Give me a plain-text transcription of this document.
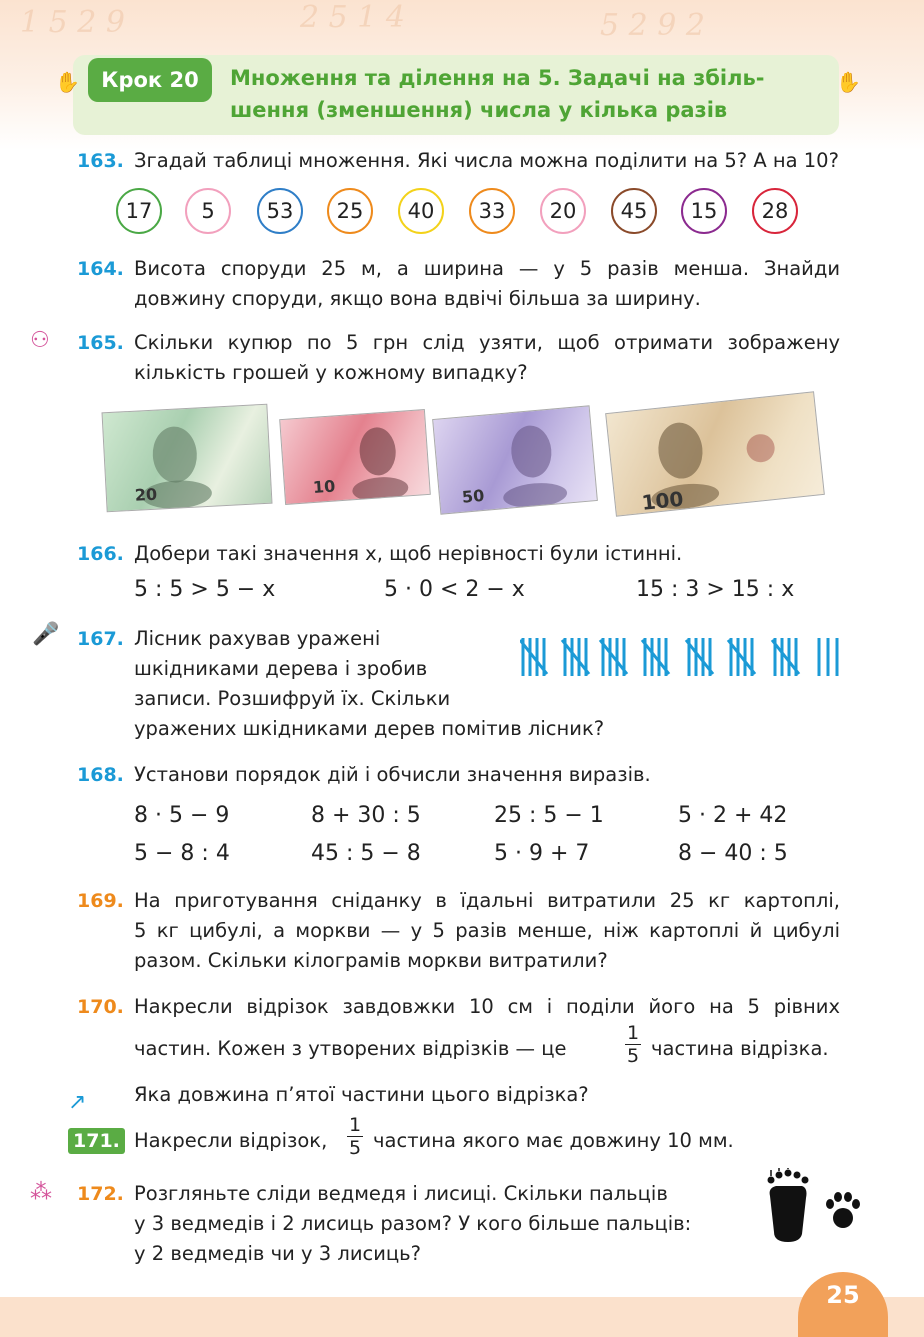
1 5 2 9	2 5 1 4	5 2 9 2
✋	✋
Крок 20	Множення та ділення на 5. Задачі на збіль-
шення (зменшення) числа у кілька разів
163. Згадай таблиці множення. Які числа можна поділити на 5? А на 10?
17	5	53	25	40	33	20	45	15	28
164. Висота споруди 25 м, а ширина — у 5 разів менша. Знайди
довжину споруди, якщо вона вдвічі більша за ширину.
⚇ 165. Скільки купюр по 5 грн слід узяти, щоб отримати зображену
кількість грошей у кожному випадку?
20	10	50	100
166. Добери такі значення x, щоб нерівності були істинні.
5 : 5 > 5 − x	5 · 0 < 2 − x	15 : 3 > 15 : x
🎤 167. Лісник рахував уражені
шкідниками дерева і зробив
записи. Розшифруй їх. Скільки
уражених шкідниками дерев помітив лісник?
168. Установи порядок дій і обчисли значення виразів.
8 · 5 − 9	8 + 30 : 5	25 : 5 − 1	5 · 2 + 42
5 − 8 : 4	45 : 5 − 8	5 · 9 + 7	8 − 40 : 5
169. На приготування сніданку в їдальні витратили 25 кг картоплі,
5 кг цибулі, а моркви — у 5 разів менше, ніж картоплі й цибулі
разом. Скільки кілограмів моркви витратили?
170. Накресли відрізок завдовжки 10 см і поділи його на 5 рівних
частин. Кожен з утворених відрізків — це
1
5 частина відрізка.
↗ Яка довжина п’ятої частини цього відрізка?
171. Накресли відрізок,
1
5 частина якого має довжину 10 мм.
⁂ 172. Розгляньте сліди ведмедя і лисиці. Скільки пальців
у 3 ведмедів і 2 лисиць разом? У кого більше пальців:
у 2 ведмедів чи у 3 лисиць?
25
